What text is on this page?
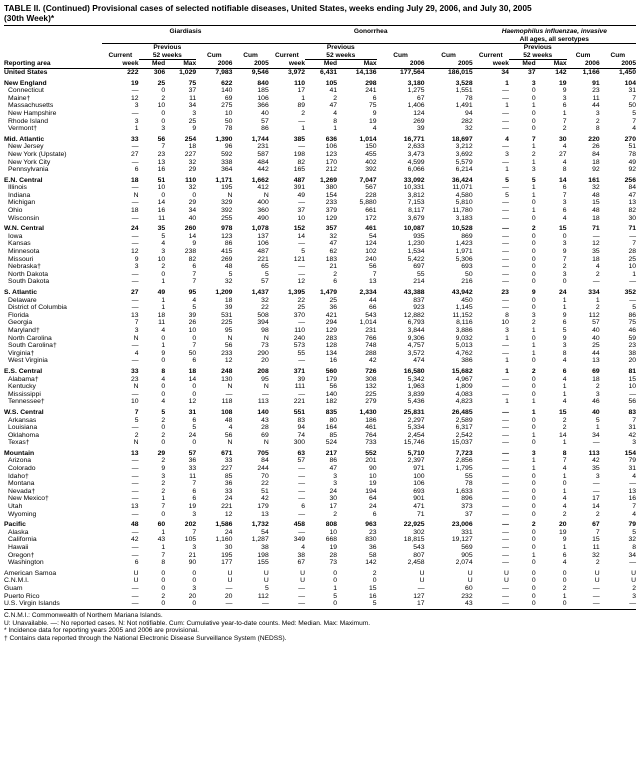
TABLE II. (Continued) Provisional cases of selected notifiable diseases, United States, weeks ending July 29, 2006, and July 30, 2005
(30th Week)*

	Giardiasis					Gonorrhea					Haemophilus influenzae, invasive				
											All ages, all serotypes				
		Previous					Previous					Previous			
	Current	52 weeks		Cum	Cum	Current	52 weeks		Cum	Cum	Current	52 weeks		Cum	Cum
Reporting area	week	Med	Max	2006	2005	week	Med	Max	2006	2005	week	Med	Max	2006	2005
United States	222	306	1,029	7,983	9,546	3,972	6,431	14,136	177,564	186,015	34	37	142	1,166	1,450
New England	19	25	75	622	840	110	105	298	3,180	3,528	1	3	19	91	104
Connecticut	—	0	37	140	185	17	41	241	1,275	1,551	—	0	9	23	31
Maine†	12	2	11	69	106	1	2	6	67	78	—	0	3	11	7
Massachusetts	3	10	34	275	366	89	47	75	1,406	1,491	1	1	6	44	50
New Hampshire	—	0	3	10	40	2	4	9	124	94	—	0	1	3	5
Rhode Island	3	0	25	50	57	—	8	19	269	282	—	0	7	2	7
Vermont†	1	3	9	78	86	1	1	4	39	32	—	0	2	8	4
Mid. Atlantic	33	56	254	1,390	1,744	385	636	1,014	16,771	18,697	4	7	30	220	270
New Jersey	—	7	18	96	231	—	106	150	2,633	3,212	—	1	4	26	51
New York (Upstate)	27	23	227	592	587	198	123	455	3,473	3,692	3	2	27	84	78
New York City	—	13	32	338	484	82	170	402	4,599	5,579	—	1	4	18	49
Pennsylvania	6	16	29	364	442	165	212	392	6,066	6,214	1	3	8	92	92
E.N. Central	18	51	110	1,171	1,662	487	1,269	7,047	33,092	36,424	5	5	14	161	256
Illinois	—	10	32	195	412	391	380	567	10,331	11,071	—	1	6	32	84
Indiana	N	0	0	N	N	49	154	228	3,812	4,580	5	1	7	48	47
Michigan	—	14	29	329	400	—	233	5,880	7,153	5,810	—	0	3	15	13
Ohio	18	16	34	392	360	37	379	661	8,117	11,780	—	1	6	48	82
Wisconsin	—	11	40	255	490	10	129	172	3,679	3,183	—	0	4	18	30
W.N. Central	24	35	260	978	1,078	152	357	461	10,087	10,528	—	2	15	71	71
Iowa	—	5	14	123	137	14	32	54	935	869	—	0	0	—	—
Kansas	—	4	9	86	106	—	47	124	1,230	1,423	—	0	3	12	7
Minnesota	12	3	238	415	487	5	62	102	1,534	1,971	—	0	9	35	28
Missouri	9	10	82	269	221	121	183	240	5,422	5,306	—	0	7	18	25
Nebraska†	3	2	6	48	65	—	21	56	697	693	—	0	2	4	10
North Dakota	—	0	7	5	5	—	2	7	55	50	—	0	3	2	1
South Dakota	—	1	7	32	57	12	6	13	214	216	—	0	0	—	—
S. Atlantic	27	49	95	1,209	1,437	1,395	1,479	2,334	43,388	43,942	23	9	24	334	352
Delaware	—	1	4	18	32	22	25	44	837	450	—	0	1	1	—
District of Columbia	—	1	5	39	22	25	36	66	923	1,145	—	0	1	2	5
Florida	13	18	39	531	508	370	421	543	12,882	11,152	8	3	9	112	86
Georgia	7	11	26	225	394	—	294	1,014	6,793	8,116	10	2	6	57	75
Maryland†	3	4	10	95	98	110	129	231	3,844	3,886	3	1	5	40	46
North Carolina	N	0	0	N	N	240	283	766	9,306	9,032	1	0	9	40	59
South Carolina†	—	1	7	56	73	573	128	748	4,757	5,013	—	1	3	25	23
Virginia†	4	9	50	233	290	55	134	288	3,572	4,762	—	1	8	44	38
West Virginia	—	0	6	12	20	—	16	42	474	386	1	0	4	13	20
E.S. Central	33	8	18	248	208	371	560	726	16,580	15,682	1	2	6	69	81
Alabama†	23	4	14	130	95	39	179	308	5,342	4,967	—	0	4	18	15
Kentucky	N	0	0	N	N	111	56	132	1,963	1,809	—	0	1	2	10
Mississippi	—	0	0	—	—	—	140	225	3,839	4,083	—	0	1	3	—
Tennessee†	10	4	12	118	113	221	182	279	5,436	4,823	1	1	4	46	56
W.S. Central	7	5	31	108	140	551	835	1,430	25,831	26,485	—	1	15	40	83
Arkansas	5	2	6	48	43	83	80	186	2,297	2,589	—	0	2	5	7
Louisiana	—	0	5	4	28	94	164	461	5,334	6,317	—	0	2	1	31
Oklahoma	2	2	24	56	69	74	85	764	2,454	2,542	—	1	14	34	42
Texas†	N	0	0	N	N	300	524	733	15,746	15,037	—	0	1	—	3
Mountain	13	29	57	671	705	63	217	552	5,710	7,723	—	3	8	113	154
Arizona	—	2	36	33	84	57	86	201	2,397	2,856	—	1	7	42	79
Colorado	—	9	33	227	244	—	47	90	971	1,795	—	1	4	35	31
Idaho†	—	3	11	85	70	—	3	10	100	55	—	0	1	3	4
Montana	—	2	7	36	22	—	3	19	106	78	—	0	0	—	—
Nevada†	—	2	6	33	51	—	24	194	693	1,633	—	0	1	—	13
New Mexico†	—	1	6	24	42	—	30	64	901	896	—	0	4	17	16
Utah	13	7	19	221	179	6	17	24	471	373	—	0	4	14	7
Wyoming	—	0	3	12	13	—	2	6	71	37	—	0	2	2	4
Pacific	48	60	202	1,586	1,732	458	808	963	22,925	23,006	—	2	20	67	79
Alaska	—	1	7	24	54	—	10	23	302	331	—	0	19	7	5
California	42	43	105	1,160	1,287	349	668	830	18,815	19,127	—	0	9	15	32
Hawaii	—	1	3	30	38	4	19	36	543	569	—	0	1	11	8
Oregon†	—	7	21	195	198	38	28	58	807	905	—	1	6	32	34
Washington	6	8	90	177	155	67	73	142	2,458	2,074	—	0	4	2	—
American Samoa	U	0	0	U	U	U	0	2	U	U	U	0	0	U	U
C.N.M.I.	U	0	0	U	U	U	0	0	U	U	U	0	0	U	U
Guam	—	0	3	—	5	—	1	15	—	60	—	0	2	—	2
Puerto Rico	—	2	20	20	112	—	5	16	127	232	—	0	1	—	3
U.S. Virgin Islands	—	0	0	—	—	—	0	5	17	43	—	0	0	—	—

C.N.M.I.: Commonwealth of Northern Mariana Islands.
U: Unavailable. —: No reported cases. N: Not notifiable. Cum: Cumulative year-to-date counts. Med: Median. Max: Maximum.
* Incidence data for reporting years 2005 and 2006 are provisional.
† Contains data reported through the National Electronic Disease Surveillance System (NEDSS).
